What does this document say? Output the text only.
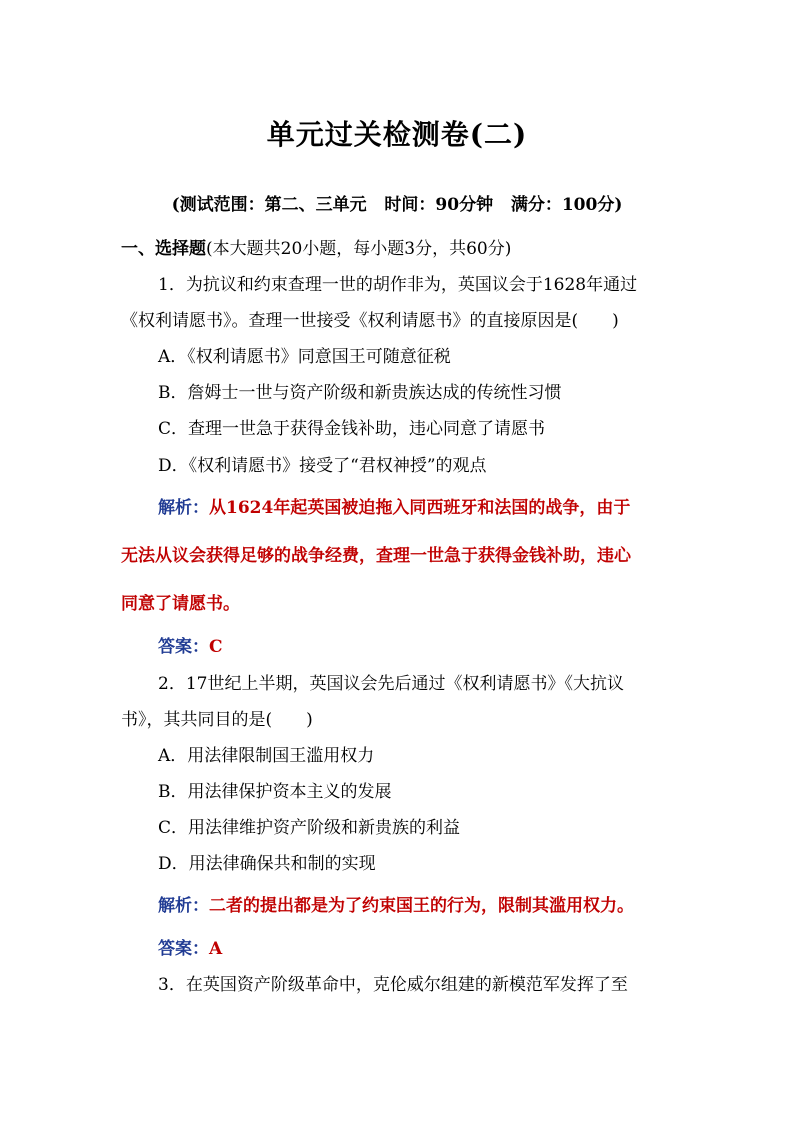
单元过关检测卷(二)
(测试范围：第二、三单元 时间：90分钟 满分：100分)
一、选择题(本大题共20小题，每小题3分，共60分)
1．为抗议和约束查理一世的胡作非为，英国议会于1628年通过
《权利请愿书》。查理一世接受《权利请愿书》的直接原因是(　　)
A．《权利请愿书》同意国王可随意征税
B．詹姆士一世与资产阶级和新贵族达成的传统性习惯
C．查理一世急于获得金钱补助，违心同意了请愿书
D．《权利请愿书》接受了“君权神授”的观点
解析：从1624年起英国被迫拖入同西班牙和法国的战争，由于
无法从议会获得足够的战争经费，查理一世急于获得金钱补助，违心
同意了请愿书。
答案：C
2．17世纪上半期，英国议会先后通过《权利请愿书》《大抗议
书》，其共同目的是(　　)
A．用法律限制国王滥用权力
B．用法律保护资本主义的发展
C．用法律维护资产阶级和新贵族的利益
D．用法律确保共和制的实现
解析：二者的提出都是为了约束国王的行为，限制其滥用权力。
答案：A
3．在英国资产阶级革命中，克伦威尔组建的新模范军发挥了至
